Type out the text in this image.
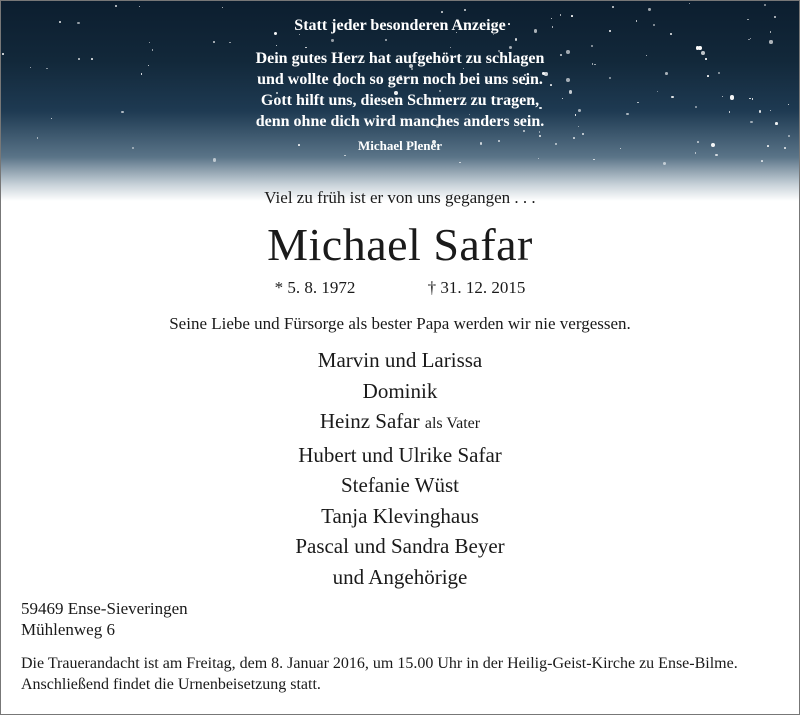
Statt jeder besonderen Anzeige
Dein gutes Herz hat aufgehört zu schlagen
und wollte doch so gern noch bei uns sein.
Gott hilft uns, diesen Schmerz zu tragen,
denn ohne dich wird manches anders sein.
Michael Plener
Viel zu früh ist er von uns gegangen . . .
Michael Safar
* 5. 8. 1972	† 31. 12. 2015
Seine Liebe und Fürsorge als bester Papa werden wir nie vergessen.
Marvin und Larissa
Dominik
Heinz Safar als Vater
Hubert und Ulrike Safar
Stefanie Wüst
Tanja Klevinghaus
Pascal und Sandra Beyer
und Angehörige
59469 Ense-Sieveringen
Mühlenweg 6
Die Trauerandacht ist am Freitag, dem 8. Januar 2016, um 15.00 Uhr in der Heilig-Geist-Kirche zu Ense-Bilme. Anschließend findet die Urnenbeisetzung statt.
